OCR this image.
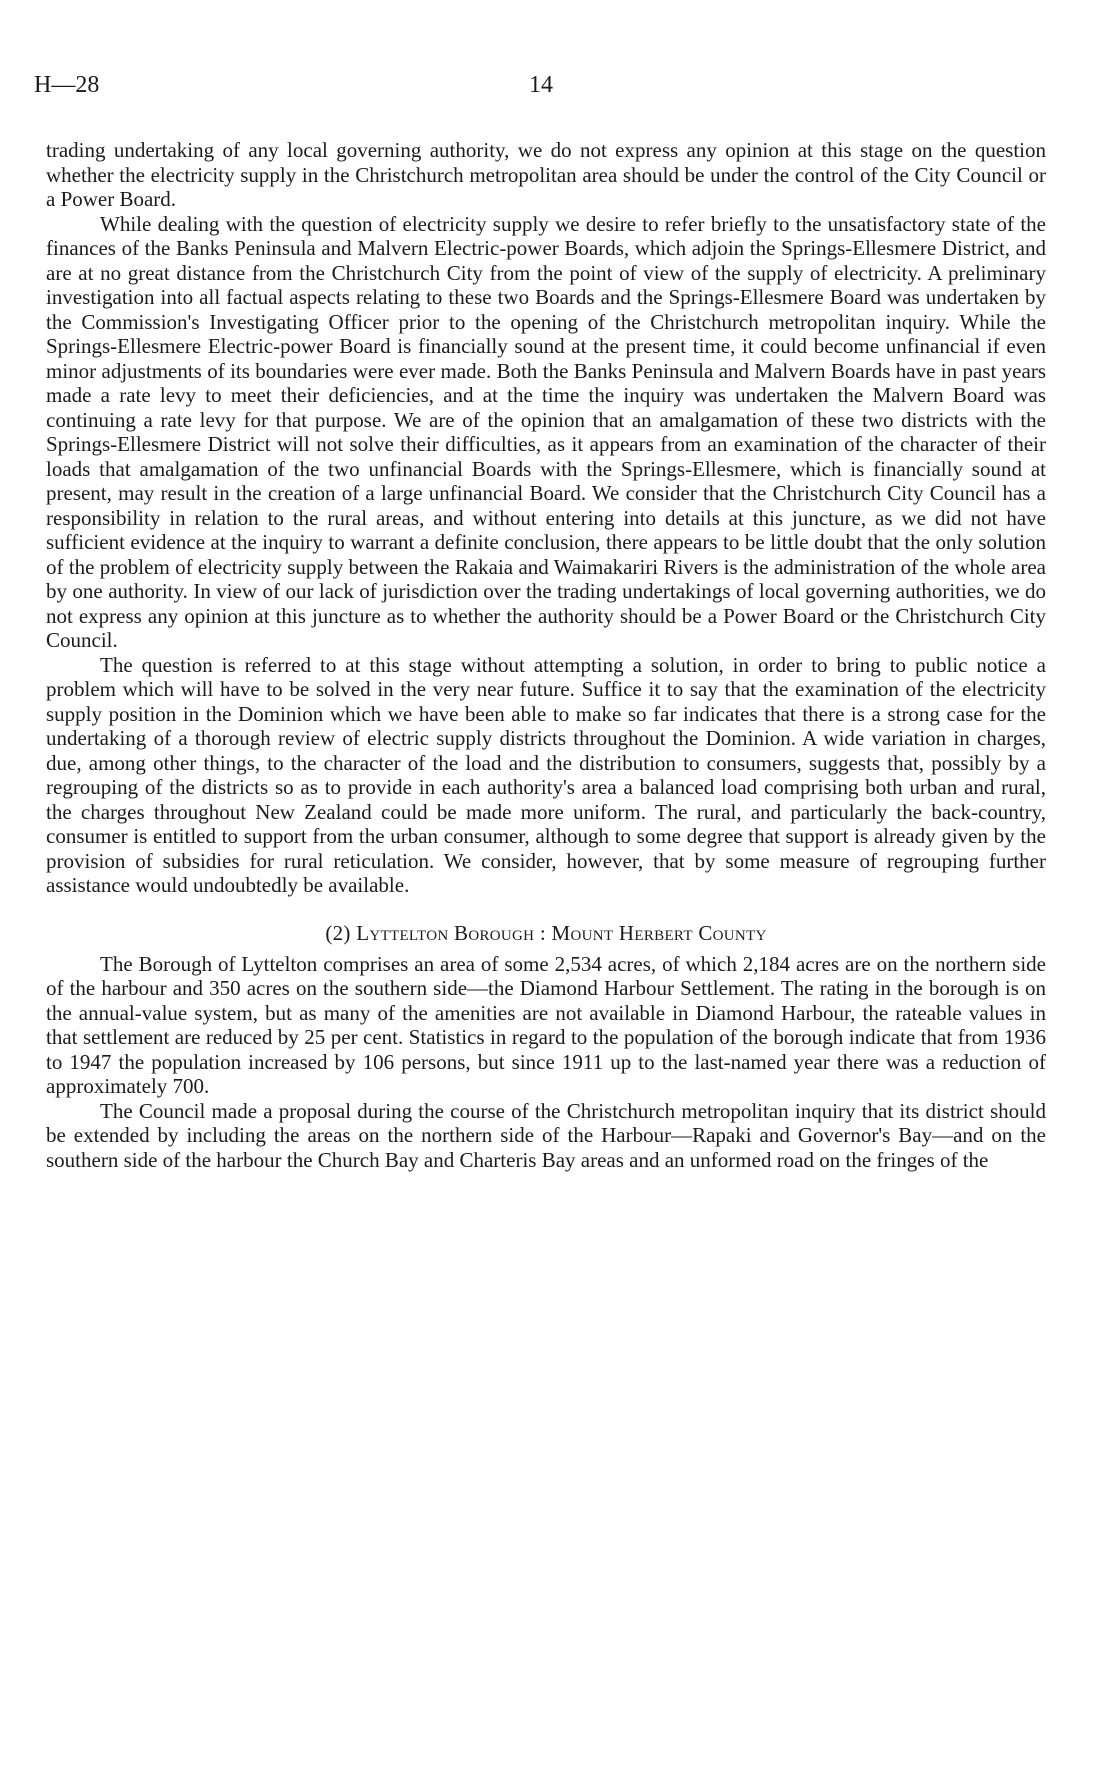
H—28	14

trading undertaking of any local governing authority, we do not express any opinion at this stage on the question whether the electricity supply in the Christchurch metropolitan area should be under the control of the City Council or a Power Board.

While dealing with the question of electricity supply we desire to refer briefly to the unsatisfactory state of the finances of the Banks Peninsula and Malvern Electric-power Boards, which adjoin the Springs-Ellesmere District, and are at no great distance from the Christchurch City from the point of view of the supply of electricity. A preliminary investigation into all factual aspects relating to these two Boards and the Springs-Ellesmere Board was undertaken by the Commission's Investigating Officer prior to the opening of the Christchurch metropolitan inquiry. While the Springs-Ellesmere Electric-power Board is financially sound at the present time, it could become unfinancial if even minor adjustments of its boundaries were ever made. Both the Banks Peninsula and Malvern Boards have in past years made a rate levy to meet their deficiencies, and at the time the inquiry was undertaken the Malvern Board was continuing a rate levy for that purpose. We are of the opinion that an amalgamation of these two districts with the Springs-Ellesmere District will not solve their difficulties, as it appears from an examination of the character of their loads that amalgamation of the two unfinancial Boards with the Springs-Ellesmere, which is financially sound at present, may result in the creation of a large unfinancial Board. We consider that the Christchurch City Council has a responsibility in relation to the rural areas, and without entering into details at this juncture, as we did not have sufficient evidence at the inquiry to warrant a definite conclusion, there appears to be little doubt that the only solution of the problem of electricity supply between the Rakaia and Waimakariri Rivers is the administration of the whole area by one authority. In view of our lack of jurisdiction over the trading undertakings of local governing authorities, we do not express any opinion at this juncture as to whether the authority should be a Power Board or the Christchurch City Council.

The question is referred to at this stage without attempting a solution, in order to bring to public notice a problem which will have to be solved in the very near future. Suffice it to say that the examination of the electricity supply position in the Dominion which we have been able to make so far indicates that there is a strong case for the undertaking of a thorough review of electric supply districts throughout the Dominion. A wide variation in charges, due, among other things, to the character of the load and the distribution to consumers, suggests that, possibly by a regrouping of the districts so as to provide in each authority's area a balanced load comprising both urban and rural, the charges throughout New Zealand could be made more uniform. The rural, and particularly the back-country, consumer is entitled to support from the urban consumer, although to some degree that support is already given by the provision of subsidies for rural reticulation. We consider, however, that by some measure of regrouping further assistance would undoubtedly be available.

(2) Lyttelton Borough : Mount Herbert County

The Borough of Lyttelton comprises an area of some 2,534 acres, of which 2,184 acres are on the northern side of the harbour and 350 acres on the southern side—the Diamond Harbour Settlement. The rating in the borough is on the annual-value system, but as many of the amenities are not available in Diamond Harbour, the rateable values in that settlement are reduced by 25 per cent. Statistics in regard to the population of the borough indicate that from 1936 to 1947 the population increased by 106 persons, but since 1911 up to the last-named year there was a reduction of approximately 700.

The Council made a proposal during the course of the Christchurch metropolitan inquiry that its district should be extended by including the areas on the northern side of the Harbour—Rapaki and Governor's Bay—and on the southern side of the harbour the Church Bay and Charteris Bay areas and an unformed road on the fringes of the
